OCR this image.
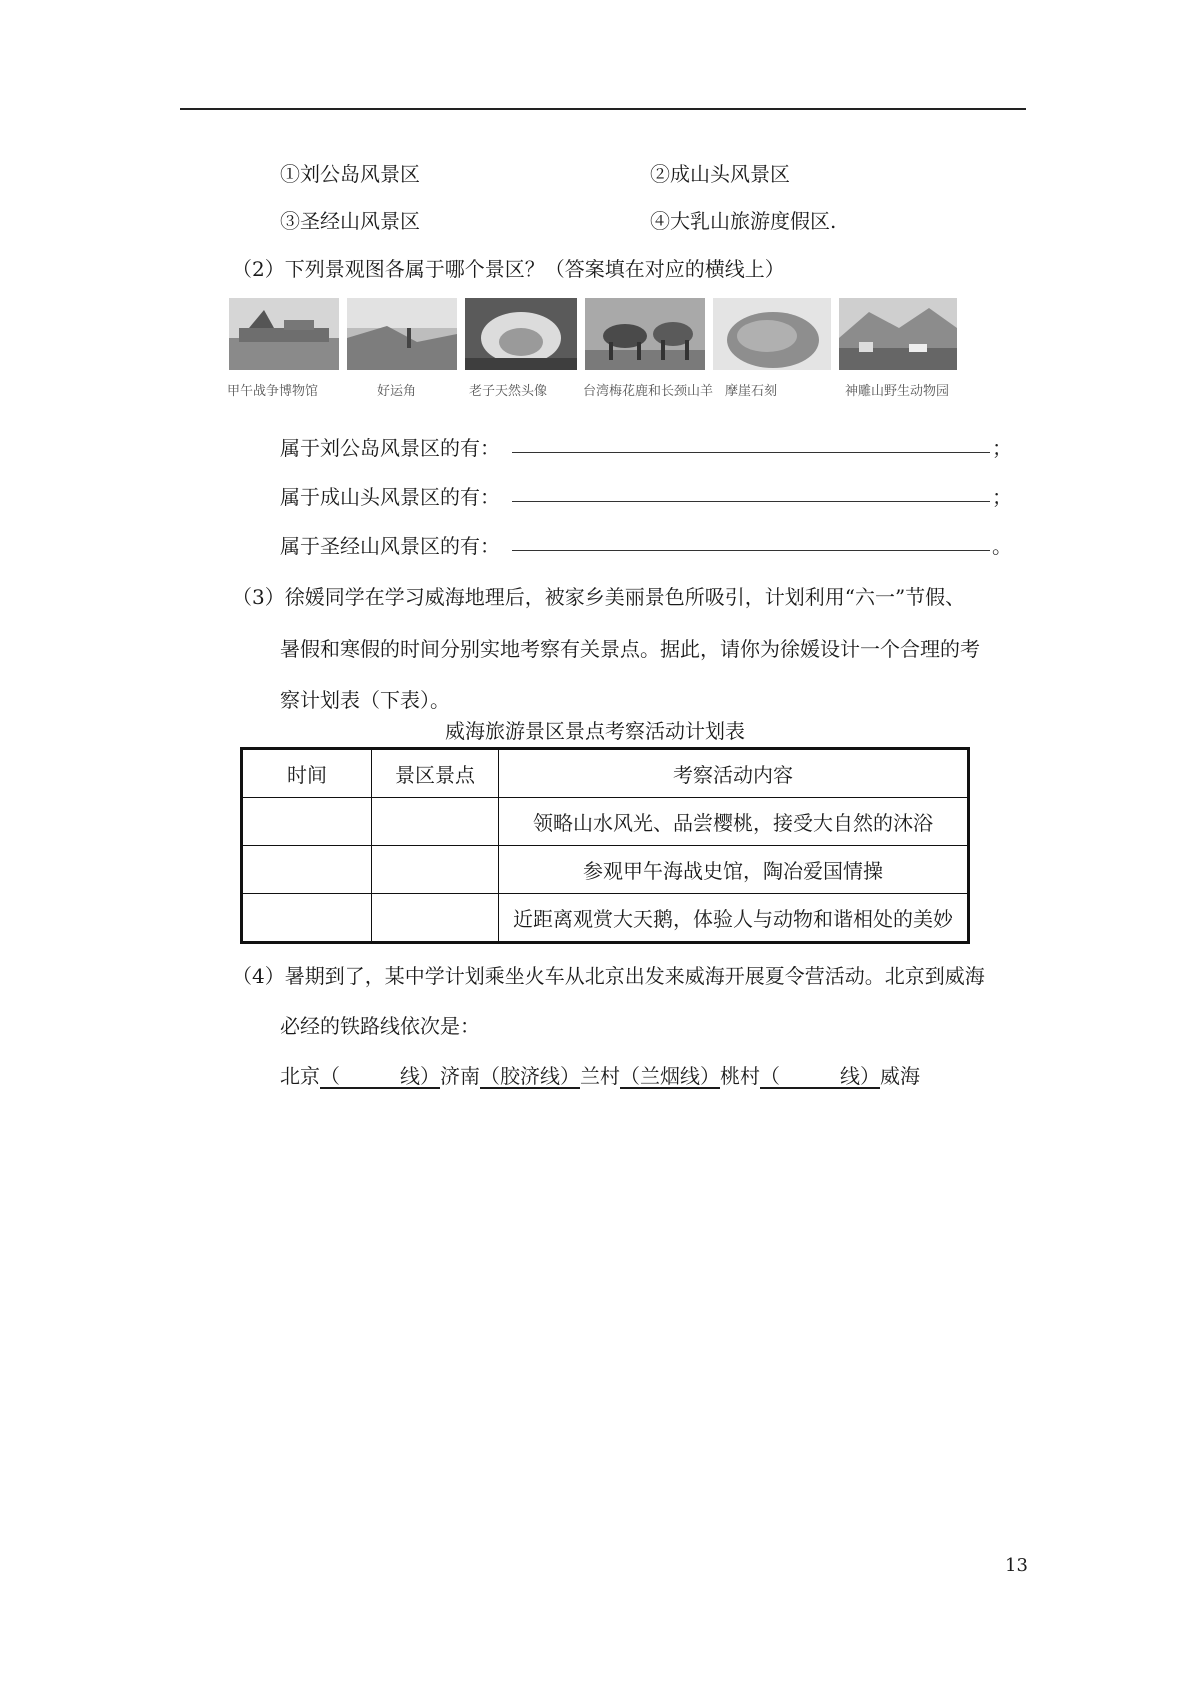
①刘公岛风景区	②成山头风景区
③圣经山风景区	④大乳山旅游度假区.
（2）下列景观图各属于哪个景区？（答案填在对应的横线上）
甲午战争博物馆	好运角	老子天然头像	台湾梅花鹿和长颈山羊 摩崖石刻	神雕山野生动物园
属于刘公岛风景区的有：	；
属于成山头风景区的有：	；
属于圣经山风景区的有：	。
（3）徐媛同学在学习威海地理后，被家乡美丽景色所吸引，计划利用“六一”节假、
暑假和寒假的时间分别实地考察有关景点。据此，请你为徐媛设计一个合理的考
察计划表（下表）。
威海旅游景区景点考察活动计划表
时间	景区景点	考察活动内容
		领略山水风光、品尝樱桃，接受大自然的沐浴
		参观甲午海战史馆，陶冶爱国情操
		近距离观赏大天鹅，体验人与动物和谐相处的美妙
（4）暑期到了，某中学计划乘坐火车从北京出发来威海开展夏令营活动。北京到威海
必经的铁路线依次是：
北京（　　　线）济南（胶济线）兰村（兰烟线）桃村（　　　线）威海
13
